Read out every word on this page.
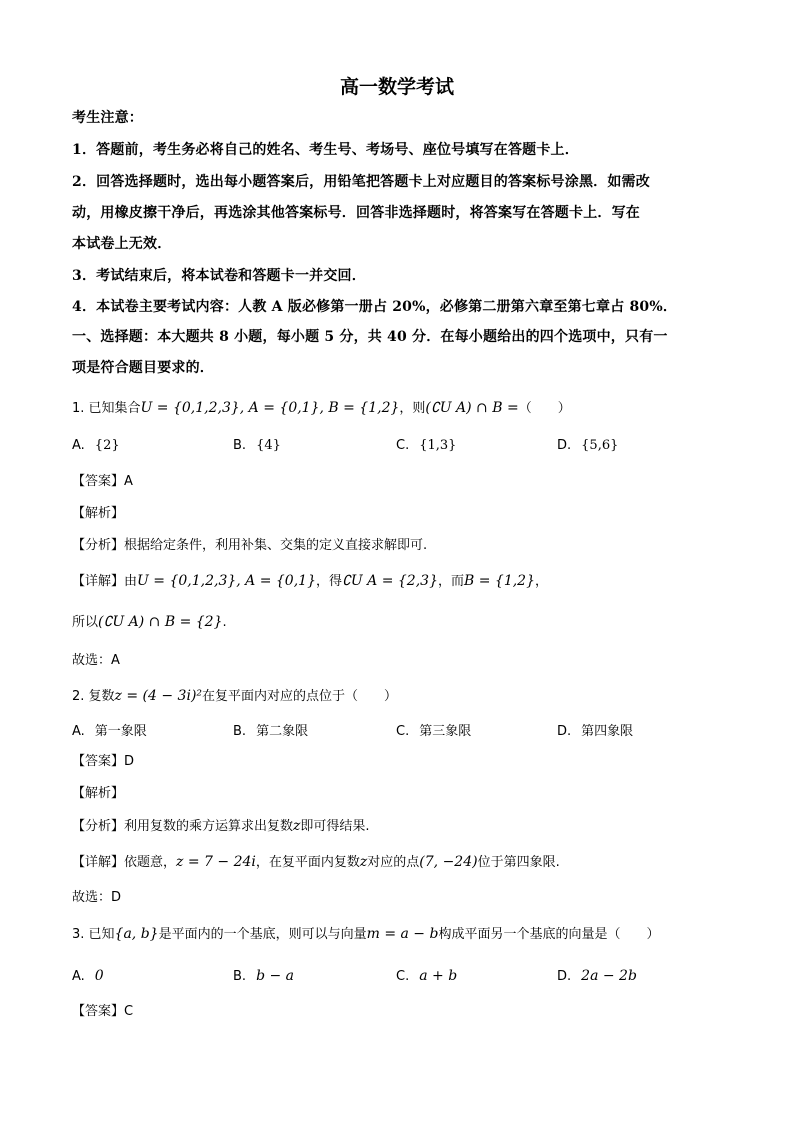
高一数学考试
考生注意：
1．答题前，考生务必将自己的姓名、考生号、考场号、座位号填写在答题卡上．
2．回答选择题时，选出每小题答案后，用铅笔把答题卡上对应题目的答案标号涂黑．如需改
动，用橡皮擦干净后，再选涂其他答案标号．回答非选择题时，将答案写在答题卡上．写在
本试卷上无效．
3．考试结束后，将本试卷和答题卡一并交回．
4．本试卷主要考试内容：人教 A 版必修第一册占 20%，必修第二册第六章至第七章占 80%．
一、选择题：本大题共 8 小题，每小题 5 分，共 40 分．在每小题给出的四个选项中，只有一
项是符合题目要求的．
1. 已知集合U = {0,1,2,3}, A = {0,1}, B = {1,2}，则(∁U A) ∩ B =（　　）
A. {2}	B. {4}	C. {1,3}	D. {5,6}
【答案】A
【解析】
【分析】根据给定条件，利用补集、交集的定义直接求解即可.
【详解】由U = {0,1,2,3}, A = {0,1}，得∁U A = {2,3}，而B = {1,2}，
所以(∁U A) ∩ B = {2}.
故选：A
2. 复数z = (4 − 3i)²在复平面内对应的点位于（　　）
A. 第一象限	B. 第二象限	C. 第三象限	D. 第四象限
【答案】D
【解析】
【分析】利用复数的乘方运算求出复数z即可得结果.
【详解】依题意，z = 7 − 24i，在复平面内复数z对应的点(7, −24)位于第四象限.
故选：D
3. 已知{a, b}是平面内的一个基底，则可以与向量m = a − b构成平面另一个基底的向量是（　　）
A. 0	B. b − a	C. a + b	D. 2a − 2b
【答案】C
